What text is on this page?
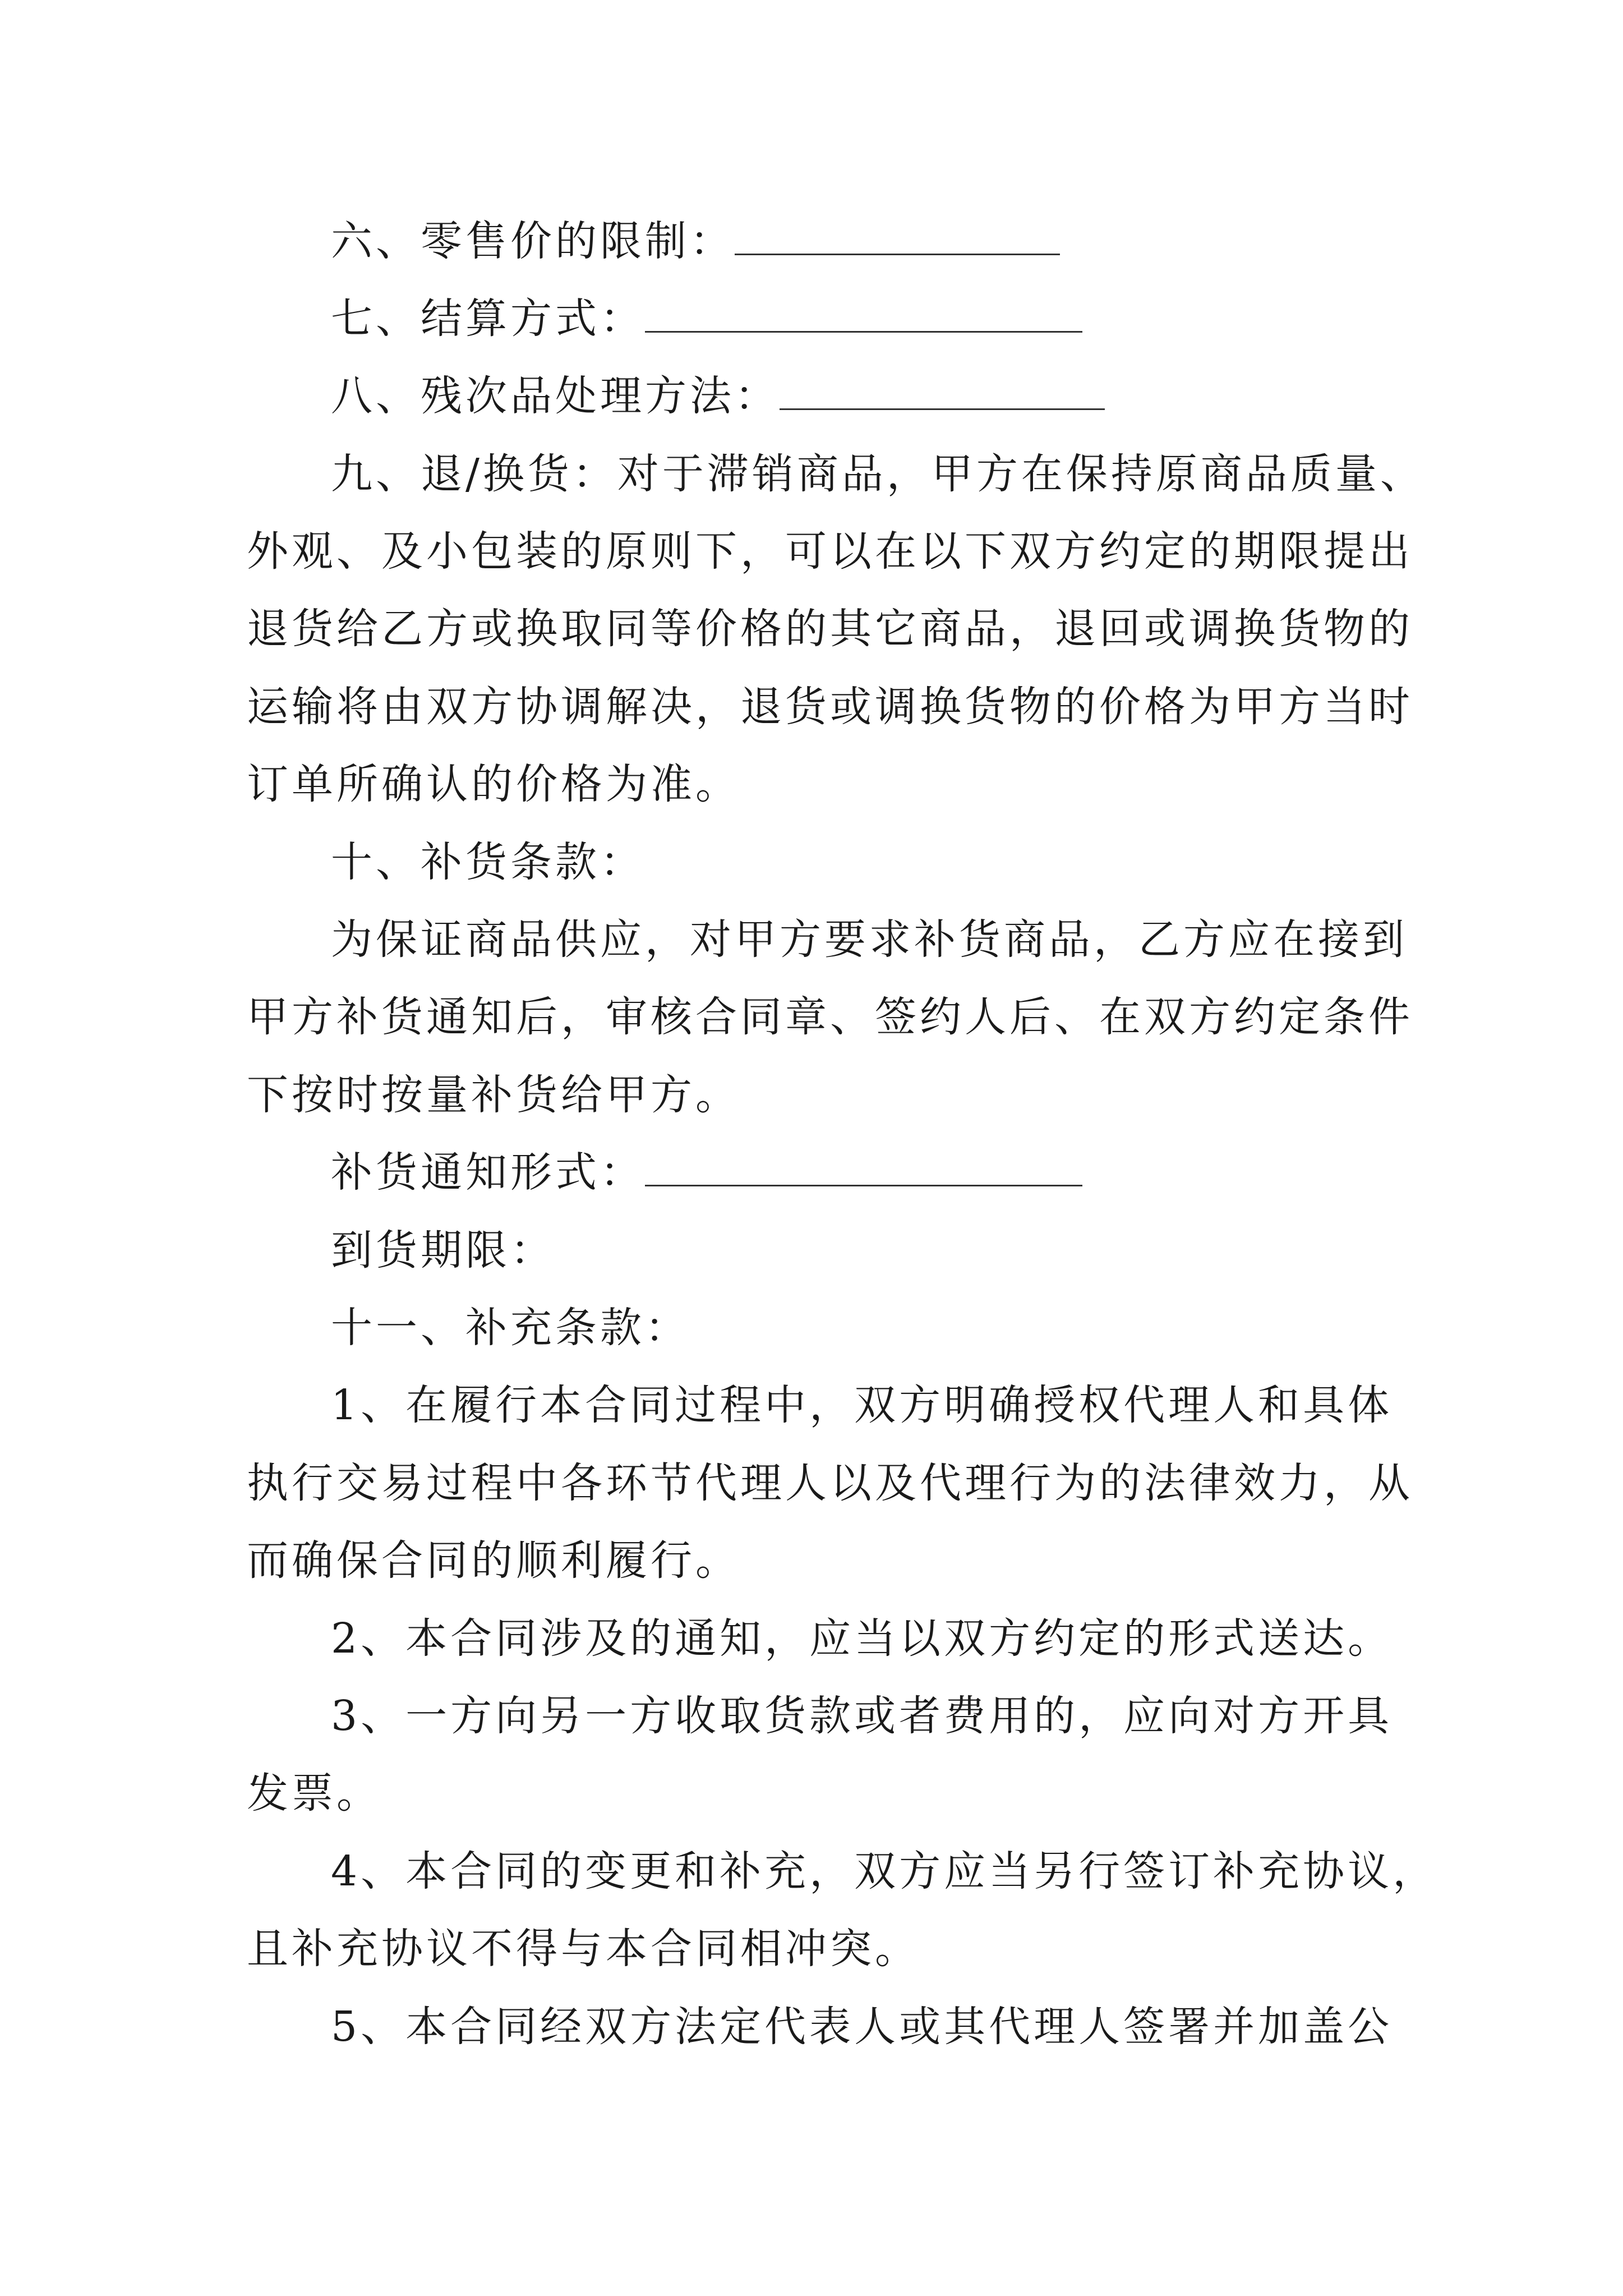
六、零售价的限制：
七、结算方式：
八、残次品处理方法：
九、退/换货：对于滞销商品，甲方在保持原商品质量、
外观、及小包装的原则下，可以在以下双方约定的期限提出
退货给乙方或换取同等价格的其它商品，退回或调换货物的
运输将由双方协调解决，退货或调换货物的价格为甲方当时
订单所确认的价格为准。
十、补货条款：
为保证商品供应，对甲方要求补货商品，乙方应在接到
甲方补货通知后，审核合同章、签约人后、在双方约定条件
下按时按量补货给甲方。
补货通知形式：
到货期限：
十一、补充条款：
1、在履行本合同过程中，双方明确授权代理人和具体
执行交易过程中各环节代理人以及代理行为的法律效力，从
而确保合同的顺利履行。
2、本合同涉及的通知，应当以双方约定的形式送达。
3、一方向另一方收取货款或者费用的，应向对方开具
发票。
4、本合同的变更和补充，双方应当另行签订补充协议，
且补充协议不得与本合同相冲突。
5、本合同经双方法定代表人或其代理人签署并加盖公
